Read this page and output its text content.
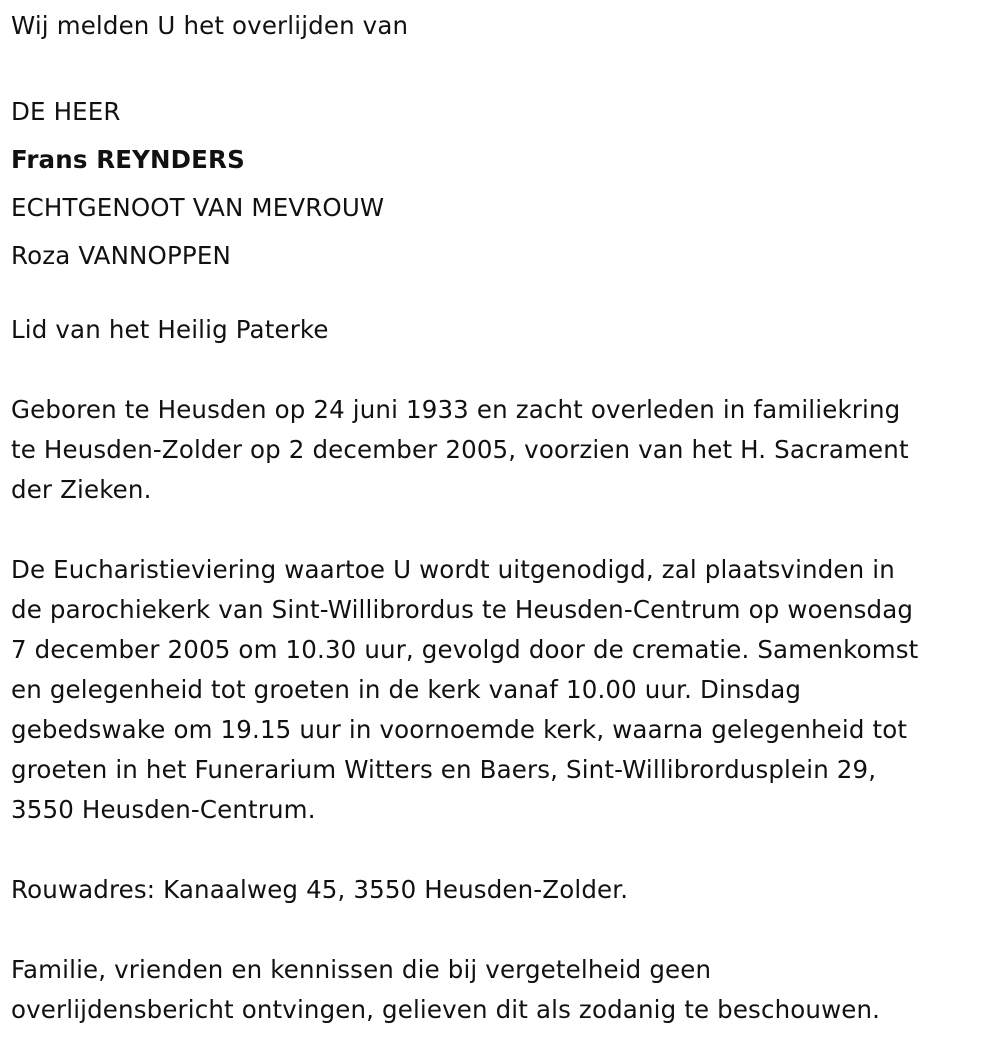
Wij melden U het overlijden van
DE HEER
Frans REYNDERS
ECHTGENOOT VAN MEVROUW
Roza VANNOPPEN
Lid van het Heilig Paterke
Geboren te Heusden op 24 juni 1933 en zacht overleden in familiekring
te Heusden-Zolder op 2 december 2005, voorzien van het H. Sacrament
der Zieken.
De Eucharistieviering waartoe U wordt uitgenodigd, zal plaatsvinden in
de parochiekerk van Sint-Willibrordus te Heusden-Centrum op woensdag
7 december 2005 om 10.30 uur, gevolgd door de crematie. Samenkomst
en gelegenheid tot groeten in de kerk vanaf 10.00 uur. Dinsdag
gebedswake om 19.15 uur in voornoemde kerk, waarna gelegenheid tot
groeten in het Funerarium Witters en Baers, Sint-Willibrordusplein 29,
3550 Heusden-Centrum.
Rouwadres: Kanaalweg 45, 3550 Heusden-Zolder.
Familie, vrienden en kennissen die bij vergetelheid geen
overlijdensbericht ontvingen, gelieven dit als zodanig te beschouwen.
